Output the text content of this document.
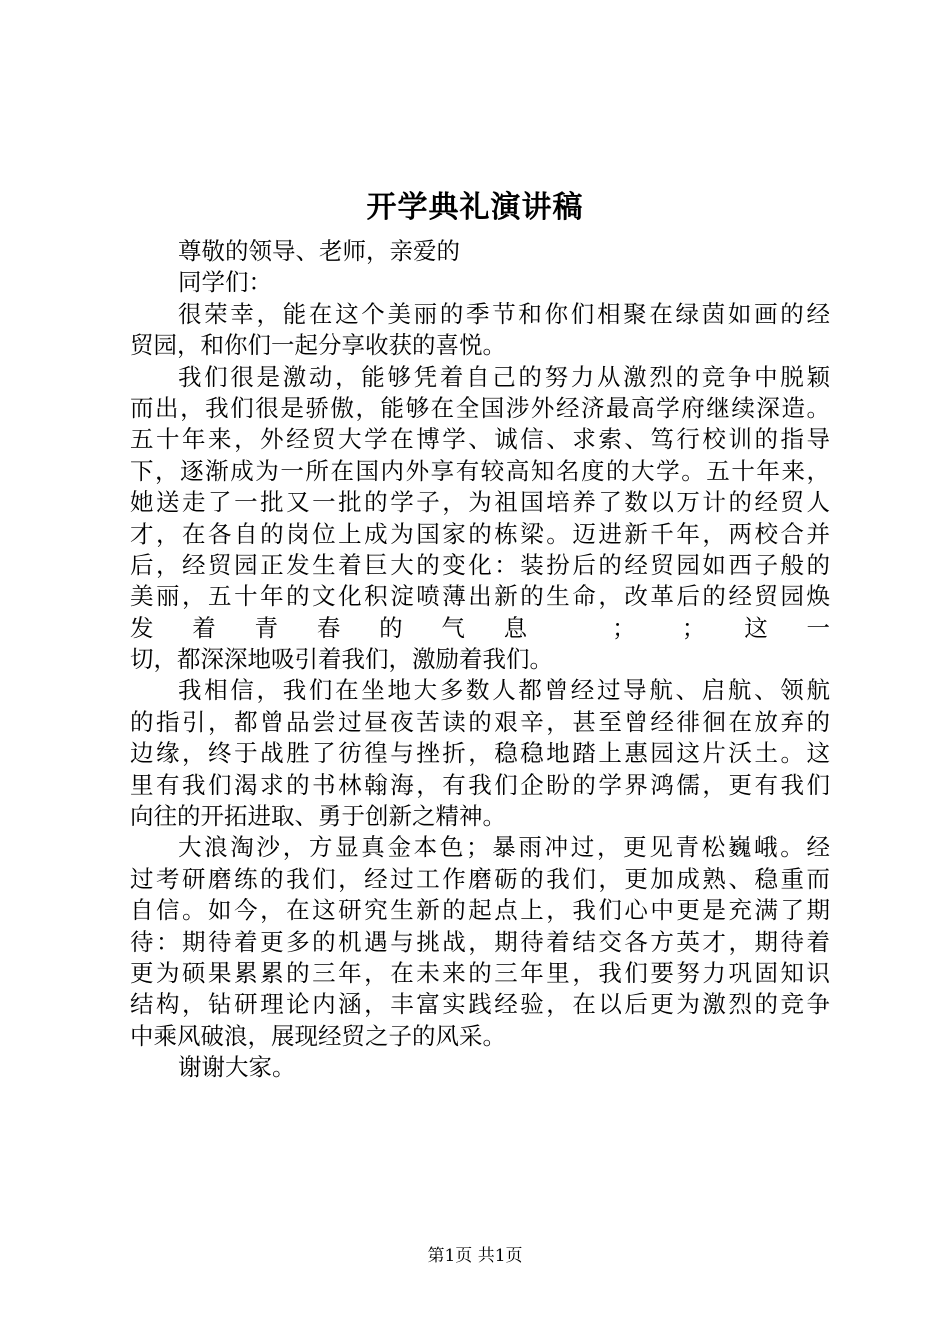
开学典礼演讲稿
尊敬的领导、老师，亲爱的
同学们：
很荣幸，能在这个美丽的季节和你们相聚在绿茵如画的经
贸园，和你们一起分享收获的喜悦。
我们很是激动，能够凭着自己的努力从激烈的竞争中脱颖
而出，我们很是骄傲，能够在全国涉外经济最高学府继续深造。
五十年来，外经贸大学在博学、诚信、求索、笃行校训的指导
下，逐渐成为一所在国内外享有较高知名度的大学。五十年来，
她送走了一批又一批的学子，为祖国培养了数以万计的经贸人
才，在各自的岗位上成为国家的栋梁。迈进新千年，两校合并
后，经贸园正发生着巨大的变化：装扮后的经贸园如西子般的
美丽，五十年的文化积淀喷薄出新的生命，改革后的经贸园焕
发着青春的气息 ； ；这一
切，都深深地吸引着我们，激励着我们。
我相信，我们在坐地大多数人都曾经过导航、启航、领航
的指引，都曾品尝过昼夜苦读的艰辛，甚至曾经徘徊在放弃的
边缘，终于战胜了彷徨与挫折，稳稳地踏上惠园这片沃土。这
里有我们渴求的书林翰海，有我们企盼的学界鸿儒，更有我们
向往的开拓进取、勇于创新之精神。
大浪淘沙，方显真金本色；暴雨冲过，更见青松巍峨。经
过考研磨练的我们，经过工作磨砺的我们，更加成熟、稳重而
自信。如今，在这研究生新的起点上，我们心中更是充满了期
待：期待着更多的机遇与挑战，期待着结交各方英才，期待着
更为硕果累累的三年，在未来的三年里，我们要努力巩固知识
结构，钻研理论内涵，丰富实践经验，在以后更为激烈的竞争
中乘风破浪，展现经贸之子的风采。
谢谢大家。
第1页 共1页
